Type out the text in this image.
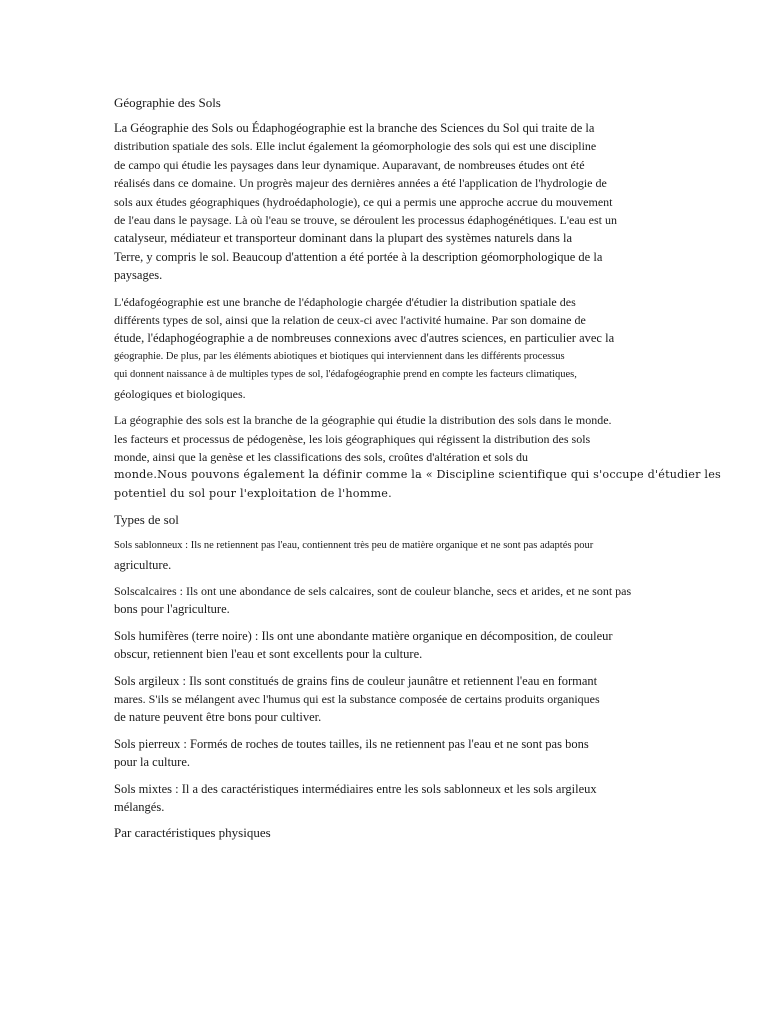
Géographie des Sols
La Géographie des Sols ou Édaphogéographie est la branche des Sciences du Sol qui traite de la
distribution spatiale des sols. Elle inclut également la géomorphologie des sols qui est une discipline
de campo qui étudie les paysages dans leur dynamique. Auparavant, de nombreuses études ont été
réalisés dans ce domaine. Un progrès majeur des dernières années a été l'application de l'hydrologie de
sols aux études géographiques (hydroédaphologie), ce qui a permis une approche accrue du mouvement
de l'eau dans le paysage. Là où l'eau se trouve, se déroulent les processus édaphogénétiques. L'eau est un
catalyseur, médiateur et transporteur dominant dans la plupart des systèmes naturels dans la
Terre, y compris le sol. Beaucoup d'attention a été portée à la description géomorphologique de la
paysages.
L'édafogéographie est une branche de l'édaphologie chargée d'étudier la distribution spatiale des
différents types de sol, ainsi que la relation de ceux-ci avec l'activité humaine. Par son domaine de
étude, l'édaphogéographie a de nombreuses connexions avec d'autres sciences, en particulier avec la
géographie. De plus, par les éléments abiotiques et biotiques qui interviennent dans les différents processus
qui donnent naissance à de multiples types de sol, l'édafogéographie prend en compte les facteurs climatiques,
géologiques et biologiques.
La géographie des sols est la branche de la géographie qui étudie la distribution des sols dans le monde.
les facteurs et processus de pédogenèse, les lois géographiques qui régissent la distribution des sols
monde, ainsi que la genèse et les classifications des sols, croûtes d'altération et sols du
monde.Nous pouvons également la définir comme la « Discipline scientifique qui s'occupe d'étudier les
potentiel du sol pour l'exploitation de l'homme.
Types de sol
Sols sablonneux : Ils ne retiennent pas l'eau, contiennent très peu de matière organique et ne sont pas adaptés pour
agriculture.
Solscalcaires : Ils ont une abondance de sels calcaires, sont de couleur blanche, secs et arides, et ne sont pas
bons pour l'agriculture.
Sols humifères (terre noire) : Ils ont une abondante matière organique en décomposition, de couleur
obscur, retiennent bien l'eau et sont excellents pour la culture.
Sols argileux : Ils sont constitués de grains fins de couleur jaunâtre et retiennent l'eau en formant
mares. S'ils se mélangent avec l'humus qui est la substance composée de certains produits organiques
de nature peuvent être bons pour cultiver.
Sols pierreux : Formés de roches de toutes tailles, ils ne retiennent pas l'eau et ne sont pas bons
pour la culture.
Sols mixtes : Il a des caractéristiques intermédiaires entre les sols sablonneux et les sols argileux
mélangés.
Par caractéristiques physiques
